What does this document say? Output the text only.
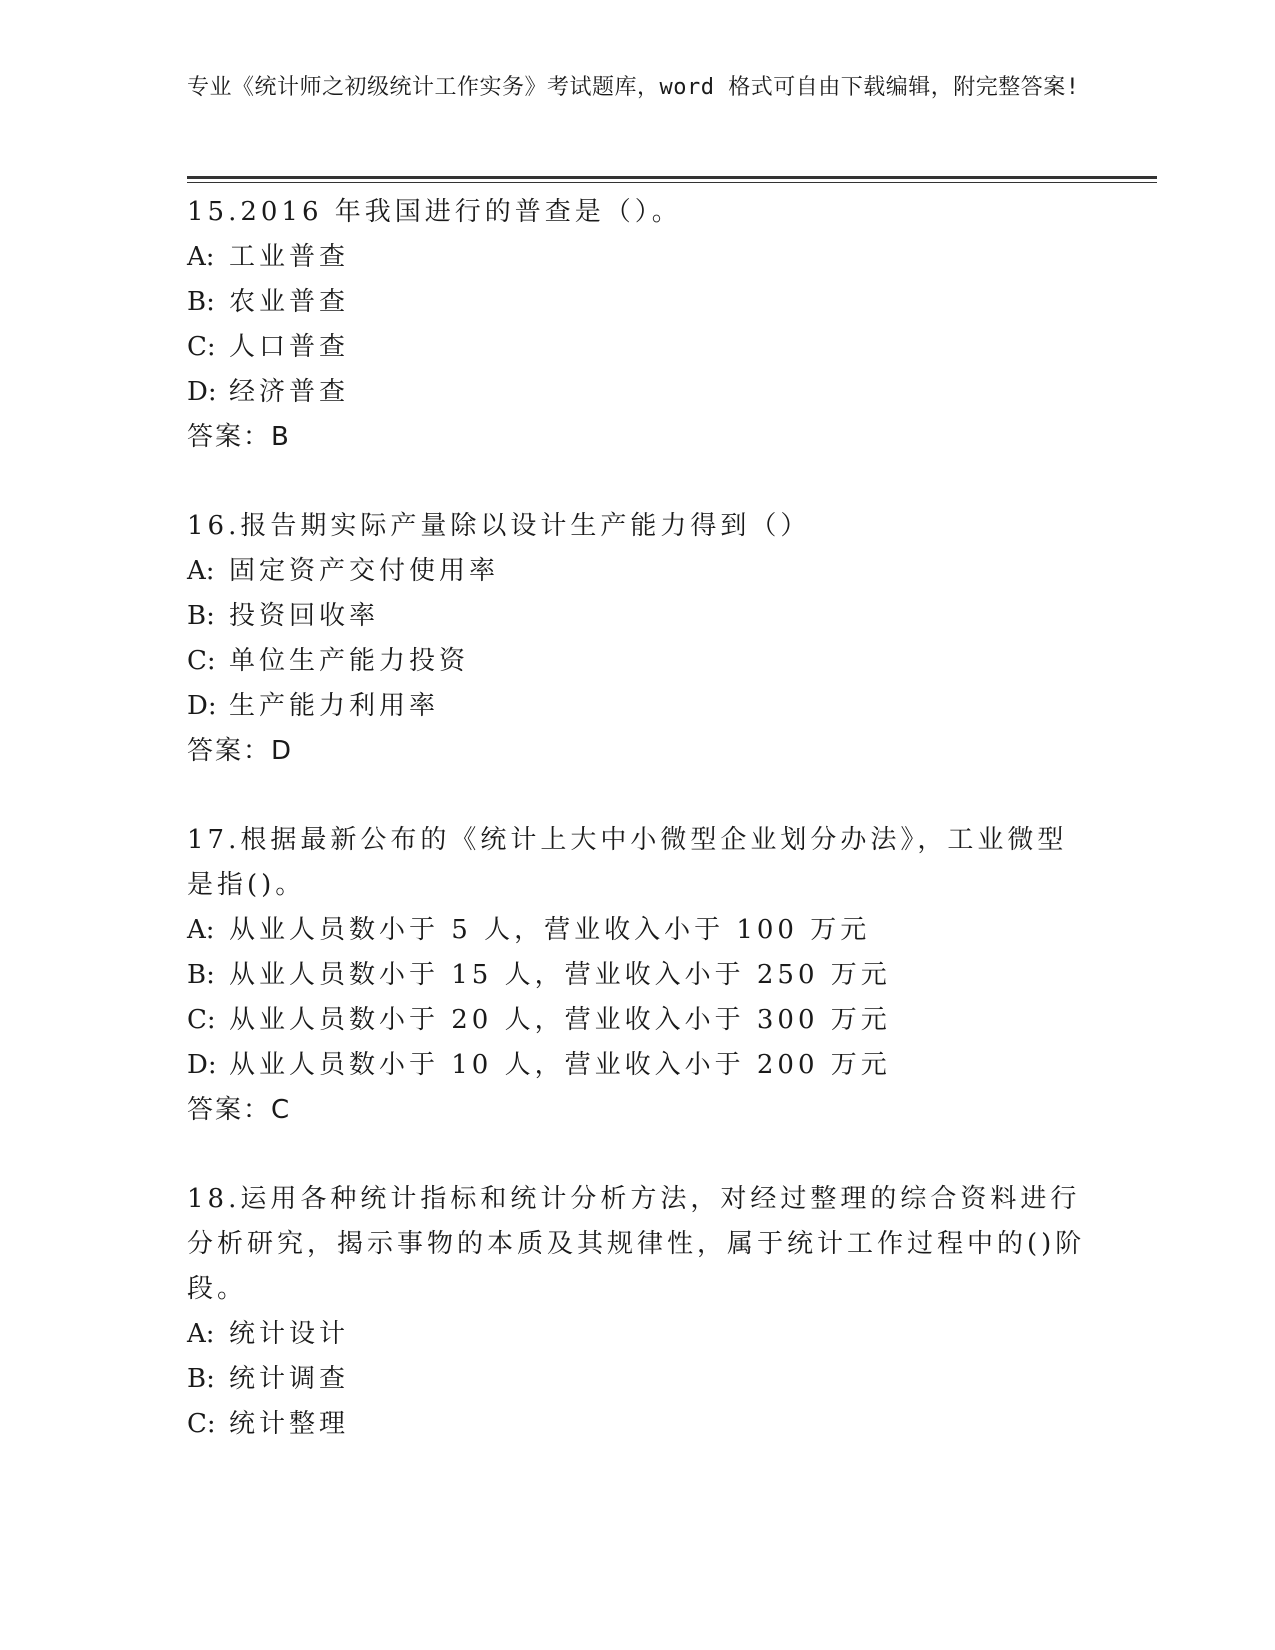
专业《统计师之初级统计工作实务》考试题库，word 格式可自由下载编辑，附完整答案!
15.2016 年我国进行的普查是（）。
A: 工业普查
B: 农业普查
C: 人口普查
D: 经济普查
答案：B
16.报告期实际产量除以设计生产能力得到（）
A: 固定资产交付使用率
B: 投资回收率
C: 单位生产能力投资
D: 生产能力利用率
答案：D
17.根据最新公布的《统计上大中小微型企业划分办法》，工业微型是指()。
A: 从业人员数小于 5 人，营业收入小于 100 万元
B: 从业人员数小于 15 人，营业收入小于 250 万元
C: 从业人员数小于 20 人，营业收入小于 300 万元
D: 从业人员数小于 10 人，营业收入小于 200 万元
答案：C
18.运用各种统计指标和统计分析方法，对经过整理的综合资料进行分析研究，揭示事物的本质及其规律性，属于统计工作过程中的()阶段。
A: 统计设计
B: 统计调查
C: 统计整理
